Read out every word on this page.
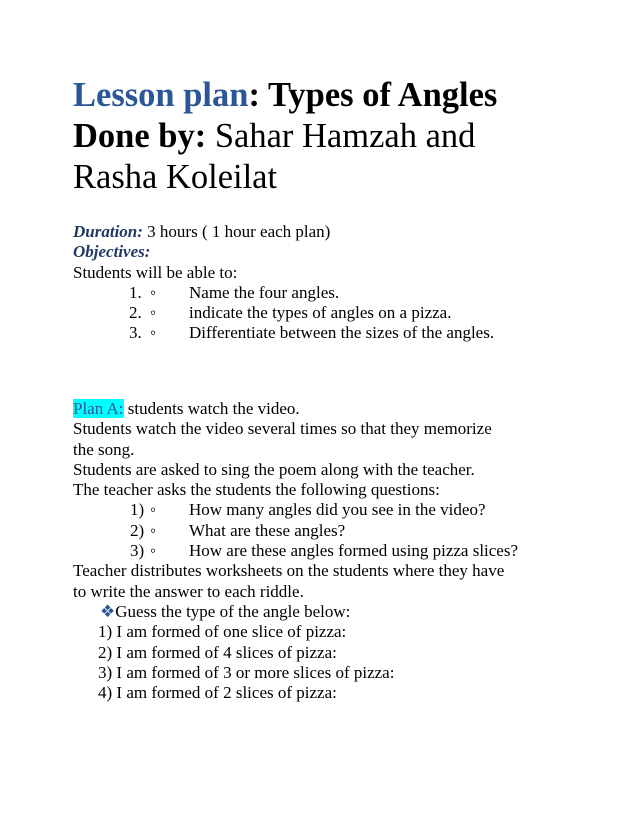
Lesson plan: Types of Angles
Done by: Sahar Hamzah and
Rasha Koleilat
Duration: 3 hours ( 1 hour each plan)
Objectives:
Students will be able to:
1. ◦ Name the four angles.
2. ◦ indicate the types of angles on a pizza.
3. ◦ Differentiate between the sizes of the angles.
Plan A: students watch the video.
Students watch the video several times so that they memorize
the song.
Students are asked to sing the poem along with the teacher.
The teacher asks the students the following questions:
1) ◦ How many angles did you see in the video?
2) ◦ What are these angles?
3) ◦ How are these angles formed using pizza slices?
Teacher distributes worksheets on the students where they have
to write the answer to each riddle.
❖Guess the type of the angle below:
1) I am formed of one slice of pizza:
2) I am formed of 4 slices of pizza:
3) I am formed of 3 or more slices of pizza:
4) I am formed of 2 slices of pizza:
